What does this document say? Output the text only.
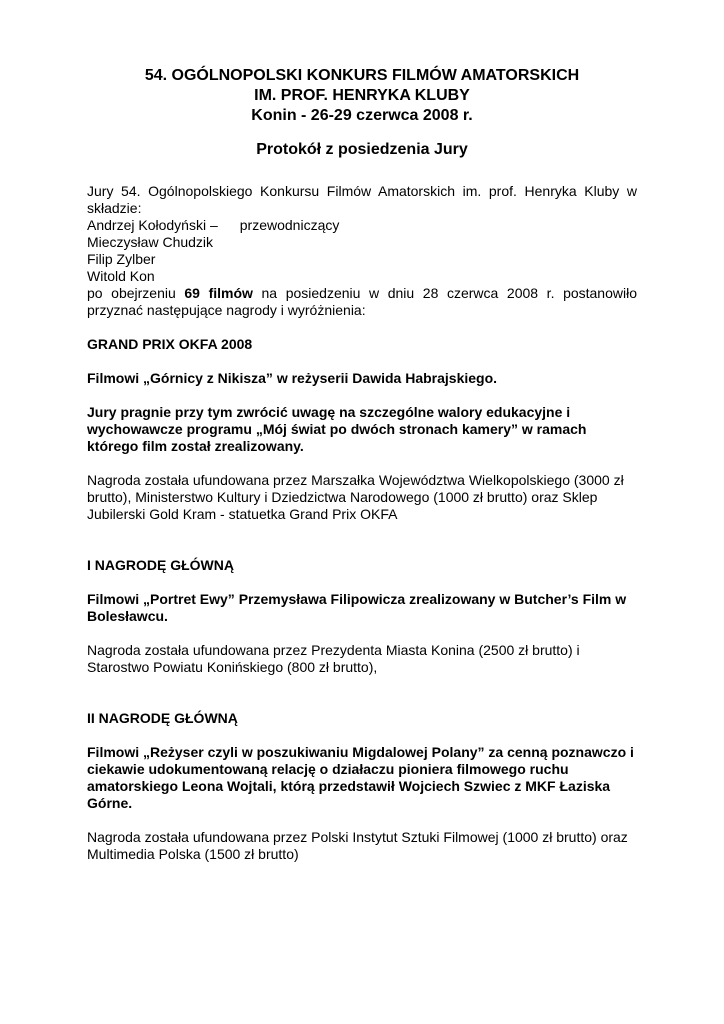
54. OGÓLNOPOLSKI KONKURS FILMÓW AMATORSKICH

IM. PROF. HENRYKA KLUBY

Konin - 26-29 czerwca 2008 r.

Protokół z posiedzenia Jury

Jury 54. Ogólnopolskiego Konkursu Filmów Amatorskich im. prof. Henryka Kluby w składzie:

Andrzej Kołodyński – przewodniczący

Mieczysław Chudzik

Filip Zylber

Witold Kon

po obejrzeniu 69 filmów na posiedzeniu w dniu 28 czerwca 2008 r. postanowiło przyznać następujące nagrody i wyróżnienia:

GRAND PRIX OKFA 2008

Filmowi „Górnicy z Nikisza” w reżyserii Dawida Habrajskiego.

Jury pragnie przy tym zwrócić uwagę na szczególne walory edukacyjne i wychowawcze programu „Mój świat po dwóch stronach kamery” w ramach którego film został zrealizowany.

Nagroda została ufundowana przez Marszałka Województwa Wielkopolskiego (3000 zł brutto), Ministerstwo Kultury i Dziedzictwa Narodowego (1000 zł brutto) oraz Sklep Jubilerski Gold Kram - statuetka Grand Prix OKFA

I NAGRODĘ GŁÓWNĄ

Filmowi „Portret Ewy” Przemysława Filipowicza zrealizowany w Butcher’s Film w Bolesławcu.

Nagroda została ufundowana przez Prezydenta Miasta Konina (2500 zł brutto) i Starostwo Powiatu Konińskiego (800 zł brutto),

II NAGRODĘ GŁÓWNĄ

Filmowi „Reżyser czyli w poszukiwaniu Migdalowej Polany” za cenną poznawczo i ciekawie udokumentowaną relację o działaczu pioniera filmowego ruchu amatorskiego Leona Wojtali, którą przedstawił Wojciech Szwiec z MKF Łaziska Górne.

Nagroda została ufundowana przez Polski Instytut Sztuki Filmowej (1000 zł brutto) oraz Multimedia Polska (1500 zł brutto)
